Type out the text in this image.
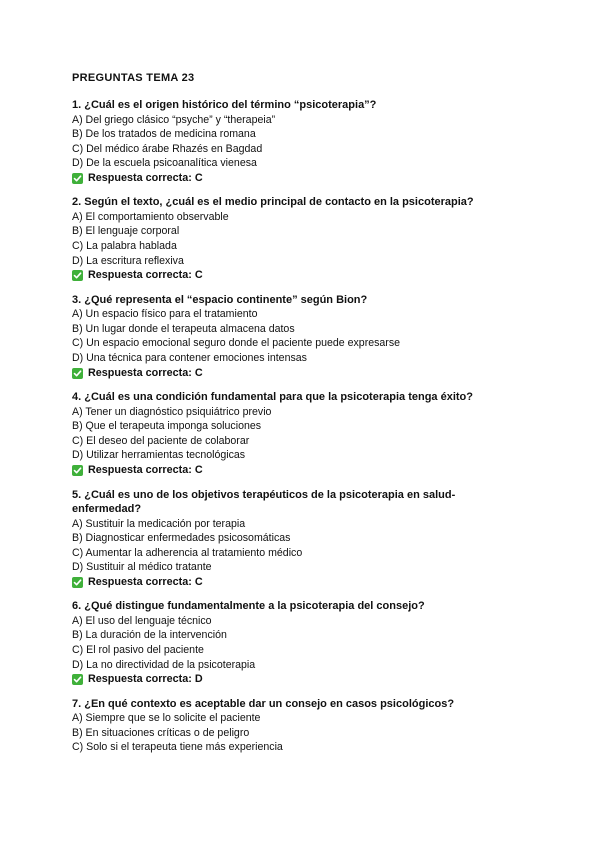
PREGUNTAS TEMA 23
1. ¿Cuál es el origen histórico del término “psicoterapia”?
A) Del griego clásico “psyche” y “therapeia”
B) De los tratados de medicina romana
C) Del médico árabe Rhazés en Bagdad
D) De la escuela psicoanalítica vienesa
Respuesta correcta: C
2. Según el texto, ¿cuál es el medio principal de contacto en la psicoterapia?
A) El comportamiento observable
B) El lenguaje corporal
C) La palabra hablada
D) La escritura reflexiva
Respuesta correcta: C
3. ¿Qué representa el “espacio continente” según Bion?
A) Un espacio físico para el tratamiento
B) Un lugar donde el terapeuta almacena datos
C) Un espacio emocional seguro donde el paciente puede expresarse
D) Una técnica para contener emociones intensas
Respuesta correcta: C
4. ¿Cuál es una condición fundamental para que la psicoterapia tenga éxito?
A) Tener un diagnóstico psiquiátrico previo
B) Que el terapeuta imponga soluciones
C) El deseo del paciente de colaborar
D) Utilizar herramientas tecnológicas
Respuesta correcta: C
5. ¿Cuál es uno de los objetivos terapéuticos de la psicoterapia en salud-enfermedad?
A) Sustituir la medicación por terapia
B) Diagnosticar enfermedades psicosomáticas
C) Aumentar la adherencia al tratamiento médico
D) Sustituir al médico tratante
Respuesta correcta: C
6. ¿Qué distingue fundamentalmente a la psicoterapia del consejo?
A) El uso del lenguaje técnico
B) La duración de la intervención
C) El rol pasivo del paciente
D) La no directividad de la psicoterapia
Respuesta correcta: D
7. ¿En qué contexto es aceptable dar un consejo en casos psicológicos?
A) Siempre que se lo solicite el paciente
B) En situaciones críticas o de peligro
C) Solo si el terapeuta tiene más experiencia
